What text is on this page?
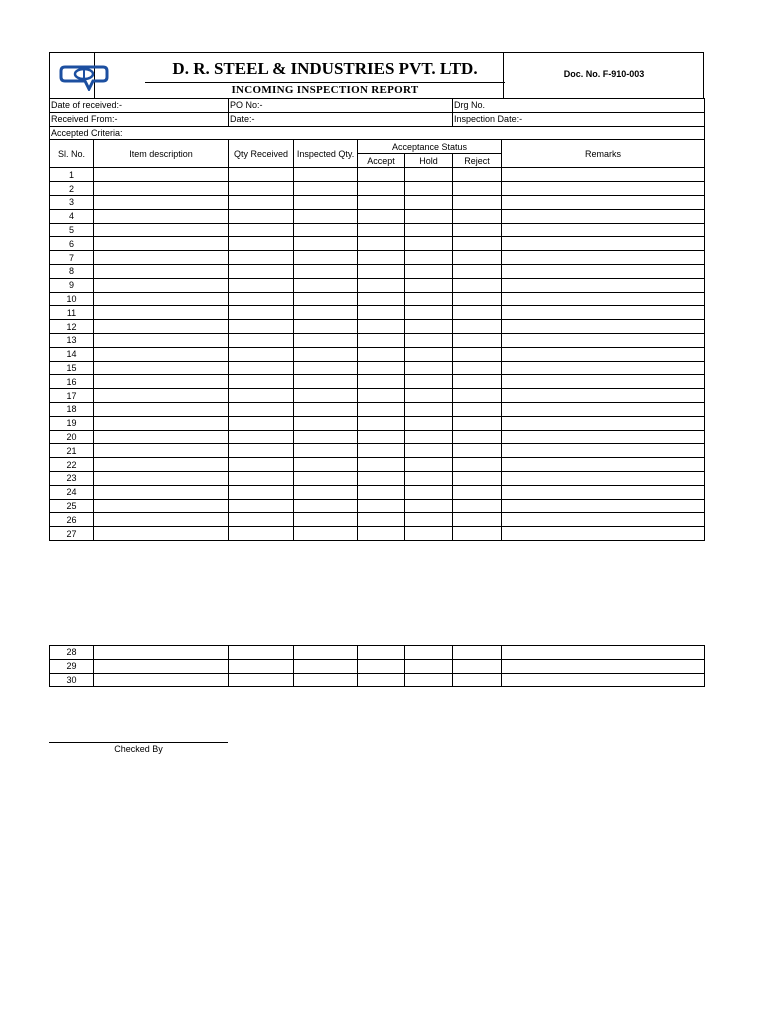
D. R. STEEL & INDUSTRIES PVT. LTD.
INCOMING INSPECTION REPORT
Doc. No. F-910-003
Date of received:-		PO No:-				Drg No.	
Received From:-		Date:-				Inspection Date:-	
Accepted Criteria:							
Sl. No.	Item description	Qty Received	Inspected Qty.	Acceptance Status			Remarks
				Accept	Hold	Reject	
1							
2							
3							
4							
5							
6							
7							
8							
9							
10							
11							
12							
13							
14							
15							
16							
17							
18							
19							
20							
21							
22							
23							
24							
25							
26							
27							

28							
29							
30							
Checked By
